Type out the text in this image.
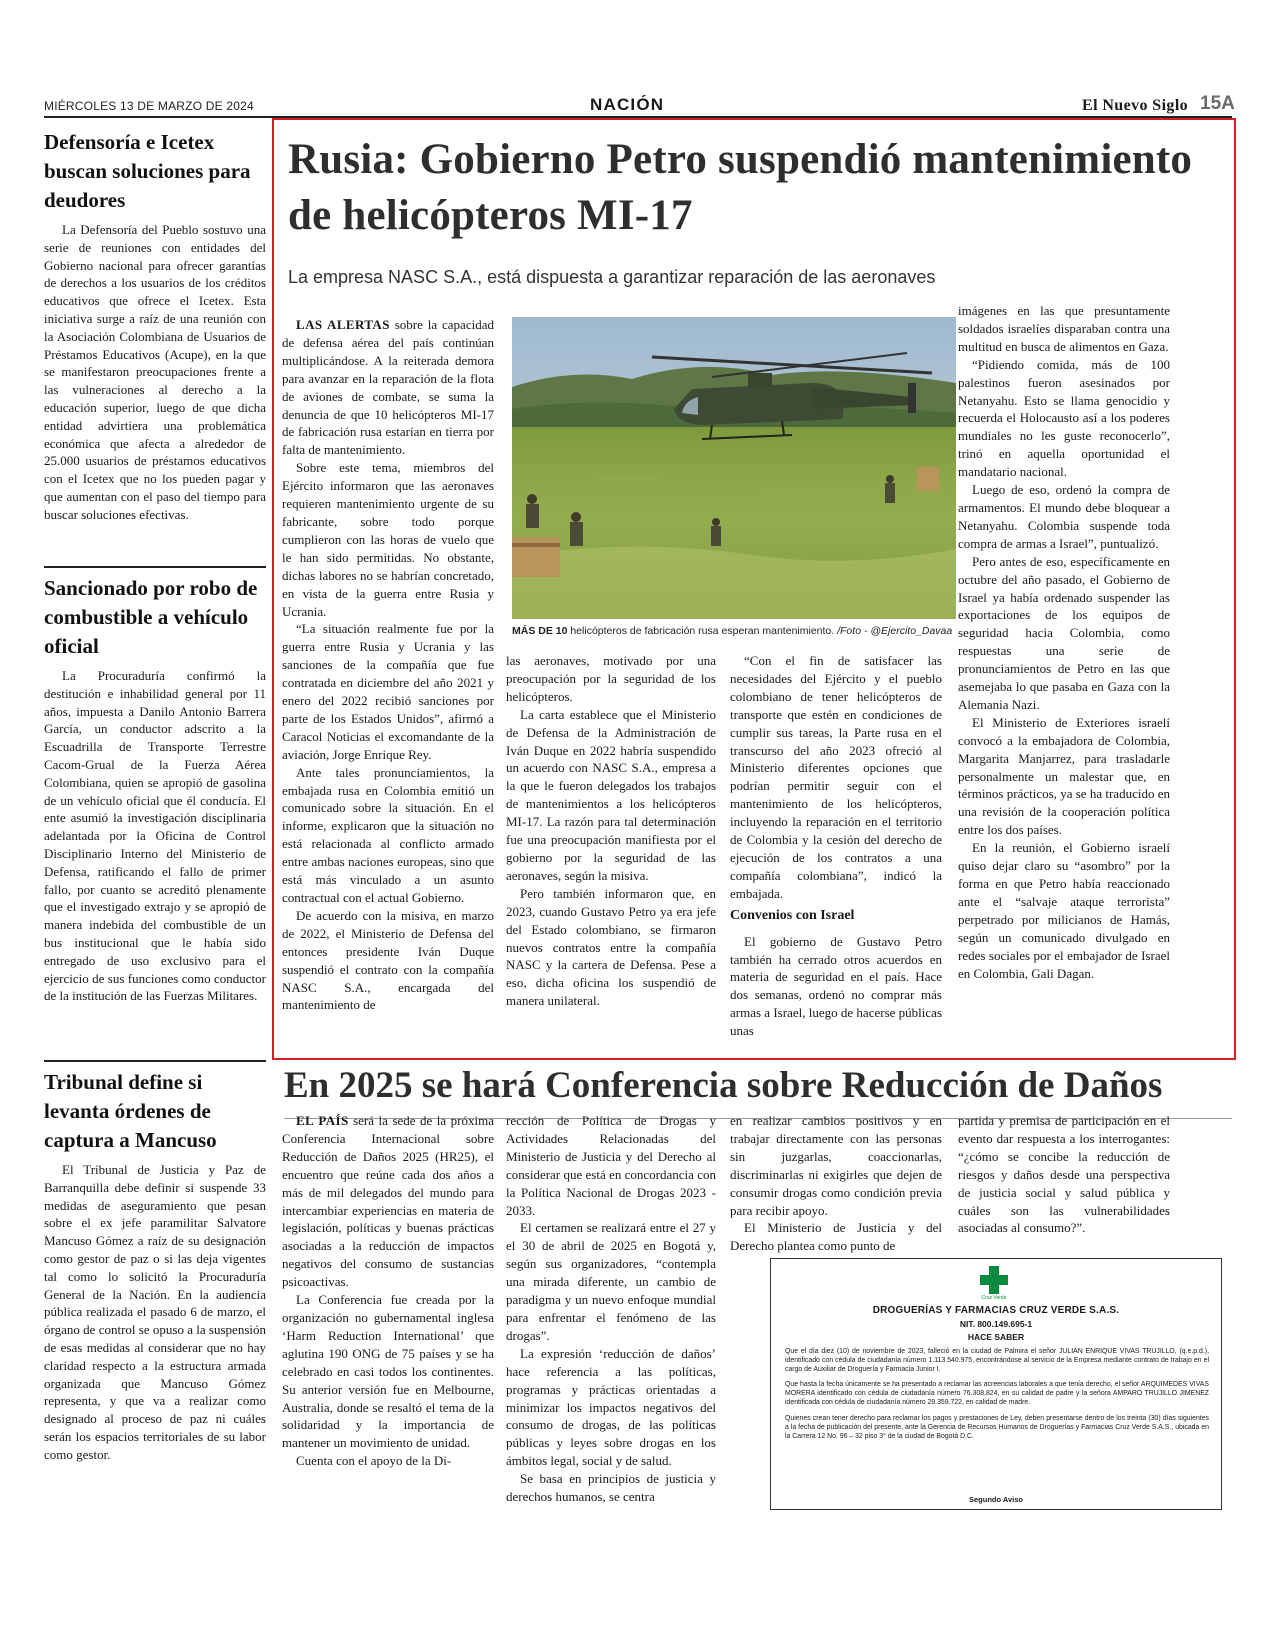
MIÉRCOLES 13 DE MARZO DE 2024	NACIÓN	El Nuevo Siglo 15A
Defensoría e Icetex buscan soluciones para deudores

La Defensoría del Pueblo sostuvo una serie de reuniones con entidades del Gobierno nacional para ofrecer garantías de derechos a los usuarios de los créditos educativos que ofrece el Icetex. Esta iniciativa surge a raíz de una reunión con la Asociación Colombiana de Usuarios de Préstamos Educativos (Acupe), en la que se manifestaron preocupaciones frente a las vulneraciones al derecho a la educación superior, luego de que dicha entidad advirtiera una problemática económica que afecta a alrededor de 25.000 usuarios de préstamos educativos con el Icetex que no los pueden pagar y que aumentan con el paso del tiempo para buscar soluciones efectivas.

Sancionado por robo de combustible a vehículo oficial

La Procuraduría confirmó la destitución e inhabilidad general por 11 años, impuesta a Danilo Antonio Barrera García, un conductor adscrito a la Escuadrilla de Transporte Terrestre Cacom-Grual de la Fuerza Aérea Colombiana, quien se apropió de gasolina de un vehículo oficial que él conducía. El ente asumió la investigación disciplinaria adelantada por la Oficina de Control Disciplinario Interno del Ministerio de Defensa, ratificando el fallo de primer fallo, por cuanto se acreditó plenamente que el investigado extrajo y se apropió de manera indebida del combustible de un bus institucional que le había sido entregado de uso exclusivo para el ejercicio de sus funciones como conductor de la institución de las Fuerzas Militares.

Tribunal define si levanta órdenes de captura a Mancuso

El Tribunal de Justicia y Paz de Barranquilla debe definir si suspende 33 medidas de aseguramiento que pesan sobre el ex jefe paramilitar Salvatore Mancuso Gómez a raíz de su designación como gestor de paz o si las deja vigentes tal como lo solicitó la Procuraduría General de la Nación. En la audiencia pública realizada el pasado 6 de marzo, el órgano de control se opuso a la suspensión de esas medidas al considerar que no hay claridad respecto a la estructura armada organizada que Mancuso Gómez representa, y que va a realizar como designado al proceso de paz ni cuáles serán los espacios territoriales de su labor como gestor.

Rusia: Gobierno Petro suspendió mantenimiento de helicópteros MI-17
La empresa NASC S.A., está dispuesta a garantizar reparación de las aeronaves

LAS ALERTAS sobre la capacidad de defensa aérea del país continúan multiplicándose. A la reiterada demora para avanzar en la reparación de la flota de aviones de combate, se suma la denuncia de que 10 helicópteros MI-17 de fabricación rusa estarían en tierra por falta de mantenimiento.

Sobre este tema, miembros del Ejército informaron que las aeronaves requieren mantenimiento urgente de su fabricante, sobre todo porque cumplieron con las horas de vuelo que le han sido permitidas. No obstante, dichas labores no se habrían concretado, en vista de la guerra entre Rusia y Ucrania.

“La situación realmente fue por la guerra entre Rusia y Ucrania y las sanciones de la compañía que fue contratada en diciembre del año 2021 y enero del 2022 recibió sanciones por parte de los Estados Unidos”, afirmó a Caracol Noticias el excomandante de la aviación, Jorge Enrique Rey.

Ante tales pronunciamientos, la embajada rusa en Colombia emitió un comunicado sobre la situación. En el informe, explicaron que la situación no está relacionada al conflicto armado entre ambas naciones europeas, sino que está más vinculado a un asunto contractual con el actual Gobierno.

De acuerdo con la misiva, en marzo de 2022, el Ministerio de Defensa del entonces presidente Iván Duque suspendió el contrato con la compañía NASC S.A., encargada del mantenimiento de

MÁS DE 10 helicópteros de fabricación rusa esperan mantenimiento. /Foto - @Ejercito_Davaa

las aeronaves, motivado por una preocupación por la seguridad de los helicópteros.

La carta establece que el Ministerio de Defensa de la Administración de Iván Duque en 2022 habría suspendido un acuerdo con NASC S.A., empresa a la que le fueron delegados los trabajos de mantenimientos a los helicópteros MI-17. La razón para tal determinación fue una preocupación manifiesta por el gobierno por la seguridad de las aeronaves, según la misiva.

Pero también informaron que, en 2023, cuando Gustavo Petro ya era jefe del Estado colombiano, se firmaron nuevos contratos entre la compañía NASC y la cartera de Defensa. Pese a eso, dicha oficina los suspendió de manera unilateral.

“Con el fin de satisfacer las necesidades del Ejército y el pueblo colombiano de tener helicópteros de transporte que estén en condiciones de cumplir sus tareas, la Parte rusa en el transcurso del año 2023 ofreció al Ministerio diferentes opciones que podrían permitir seguir con el mantenimiento de los helicópteros, incluyendo la reparación en el territorio de Colombia y la cesión del derecho de ejecución de los contratos a una compañía colombiana”, indicó la embajada.

Convenios con Israel

El gobierno de Gustavo Petro también ha cerrado otros acuerdos en materia de seguridad en el país. Hace dos semanas, ordenó no comprar más armas a Israel, luego de hacerse públicas unas

imágenes en las que presuntamente soldados israelíes disparaban contra una multitud en busca de alimentos en Gaza.

“Pidiendo comida, más de 100 palestinos fueron asesinados por Netanyahu. Esto se llama genocidio y recuerda el Holocausto así a los poderes mundiales no les guste reconocerlo”, trinó en aquella oportunidad el mandatario nacional.

Luego de eso, ordenó la compra de armamentos. El mundo debe bloquear a Netanyahu. Colombia suspende toda compra de armas a Israel”, puntualizó.

Pero antes de eso, específicamente en octubre del año pasado, el Gobierno de Israel ya había ordenado suspender las exportaciones de los equipos de seguridad hacia Colombia, como respuestas una serie de pronunciamientos de Petro en las que asemejaba lo que pasaba en Gaza con la Alemania Nazi.

El Ministerio de Exteriores israelí convocó a la embajadora de Colombia, Margarita Manjarrez, para trasladarle personalmente un malestar que, en términos prácticos, ya se ha traducido en una revisión de la cooperación política entre los dos países.

En la reunión, el Gobierno israelí quiso dejar claro su “asombro” por la forma en que Petro había reaccionado ante el “salvaje ataque terrorista” perpetrado por milicianos de Hamás, según un comunicado divulgado en redes sociales por el embajador de Israel en Colombia, Gali Dagan.

En 2025 se hará Conferencia sobre Reducción de Daños

EL PAÍS será la sede de la próxima Conferencia Internacional sobre Reducción de Daños 2025 (HR25), el encuentro que reúne cada dos años a más de mil delegados del mundo para intercambiar experiencias en materia de legislación, políticas y buenas prácticas asociadas a la reducción de impactos negativos del consumo de sustancias psicoactivas.

La Conferencia fue creada por la organización no gubernamental inglesa ‘Harm Reduction International’ que aglutina 190 ONG de 75 países y se ha celebrado en casi todos los continentes. Su anterior versión fue en Melbourne, Australia, donde se resaltó el tema de la solidaridad y la importancia de mantener un movimiento de unidad.

Cuenta con el apoyo de la Di-

rección de Política de Drogas y Actividades Relacionadas del Ministerio de Justicia y del Derecho al considerar que está en concordancia con la Política Nacional de Drogas 2023 - 2033.

El certamen se realizará entre el 27 y el 30 de abril de 2025 en Bogotá y, según sus organizadores, “contempla una mirada diferente, un cambio de paradigma y un nuevo enfoque mundial para enfrentar el fenómeno de las drogas”.

La expresión ‘reducción de daños’ hace referencia a las políticas, programas y prácticas orientadas a minimizar los impactos negativos del consumo de drogas, de las políticas públicas y leyes sobre drogas en los ámbitos legal, social y de salud.

Se basa en principios de justicia y derechos humanos, se centra

en realizar cambios positivos y en trabajar directamente con las personas sin juzgarlas, coaccionarlas, discriminarlas ni exigirles que dejen de consumir drogas como condición previa para recibir apoyo.

El Ministerio de Justicia y del Derecho plantea como punto de

partida y premisa de participación en el evento dar respuesta a los interrogantes: “¿cómo se concibe la reducción de riesgos y daños desde una perspectiva de justicia social y salud pública y cuáles son las vulnerabilidades asociadas al consumo?”.

Cruz Verde
DROGUERÍAS Y FARMACIAS CRUZ VERDE S.A.S.
NIT. 800.149.695-1
HACE SABER

Que el día diez (10) de noviembre de 2023, falleció en la ciudad de Palmira el señor JULIAN ENRIQUE VIVAS TRUJILLO, (q.e.p.d.), identificado con cédula de ciudadanía número 1.113.540.975, encontrándose al servicio de la Empresa mediante contrato de trabajo en el cargo de Auxiliar de Droguería y Farmacia Junior I.

Que hasta la fecha únicamente se ha presentado a reclamar las acreencias laborales a que tenía derecho, el señor ARQUIMEDES VIVAS MORERA identificado con cédula de ciudadanía número 76.308.824, en su calidad de padre y la señora AMPARO TRUJILLO JIMENEZ identificada con cédula de ciudadanía número 29.359.722, en calidad de madre.

Quienes crean tener derecho para reclamar los pagos y prestaciones de Ley, deben presentarse dentro de los treinta (30) días siguientes a la fecha de publicación del presente, ante la Gerencia de Recursos Humanos de Droguerías y Farmacias Cruz Verde S.A.S., ubicada en la Carrera 12 No. 96 – 32 piso 3° de la ciudad de Bogotá D.C.

Segundo Aviso
